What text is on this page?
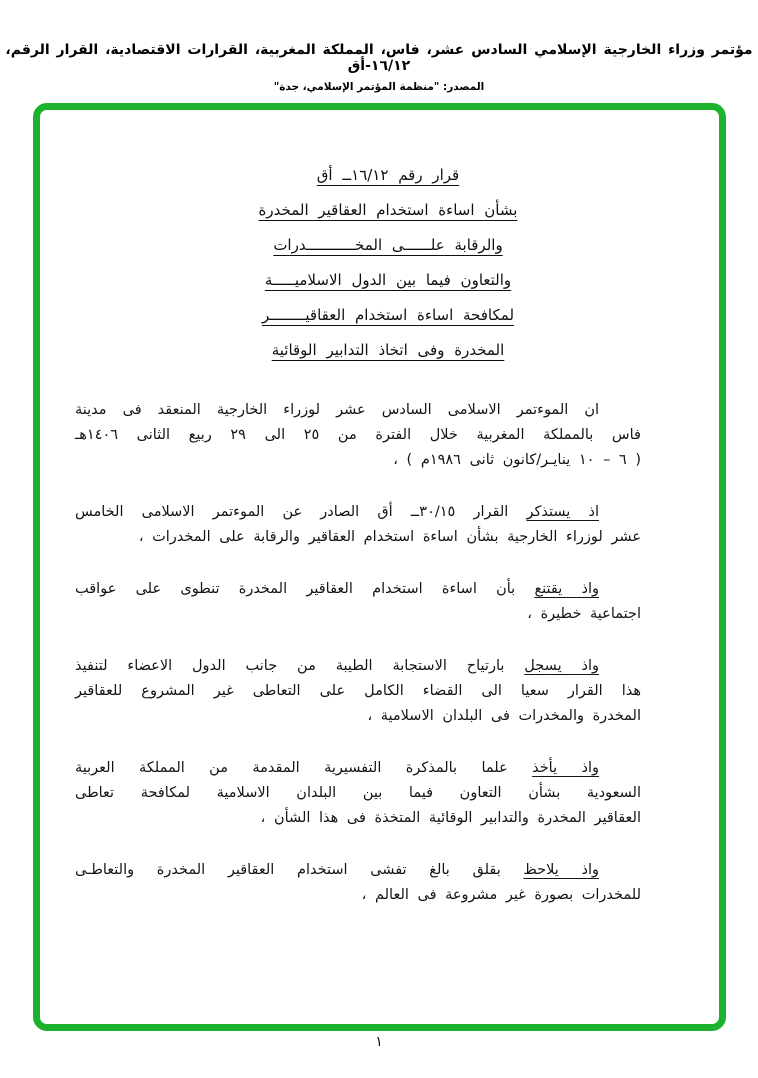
مؤتمر وزراء الخارجية الإسلامي السادس عشر، فاس، المملكة المغربية، القرارات الاقتصادية، القرار الرقم، ١٦/١٢-أق
المصدر: "منظمة المؤتمر الإسلامي، جدة"
قرار رقم ١٦/١٢ــ أق
بشأن اساءة استخدام العقاقير المخدرة
والرقابة علــــــى المخـــــــــــدرات
والتعاون فيما بين الدول الاسلاميـــــة
لمكافحة اساءة استخدام العقاقيــــــــر
المخدرة وفى اتخاذ التدابير الوقائية
ان الموءتمر الاسلامى السادس عشر لوزراء الخارجية المنعقد فى مدينة
فاس بالمملكة المغربية خلال الفترة من ٢٥ الى ٢٩ ربيع الثانى ١٤٠٦هـ
( ٦ ‎–‎ ١٠ ينايـر/كانون ثانى ١٩٨٦م ) ،
اذ يستذكر القرار ٣٠/١٥ــ أق الصادر عن الموءتمر الاسلامى الخامس
عشر لوزراء الخارجية بشأن اساءة استخدام العقاقير والرقابة على المخدرات ،
واذ يقتنع بأن اساءة استخدام العقاقير المخدرة تنطوى على عواقب
اجتماعية خطيرة ،
واذ يسجل بارتياح الاستجابة الطيبة من جانب الدول الاعضاء لتنفيذ
هذا القرار سعيا الى القضاء الكامل على التعاطى غير المشروع للعقاقير
المخدرة والمخدرات فى البلدان الاسلامية ،
واذ يأخذ علما بالمذكرة التفسيرية المقدمة من المملكة العربية
السعودية بشأن التعاون فيما بين البلدان الاسلامية لمكافحة تعاطى
العقاقير المخدرة والتدابير الوقائية المتخذة فى هذا الشأن ،
واذ يلاحظ بقلق بالغ تفشى استخدام العقاقير المخدرة والتعاطـى
للمخدرات بصورة غير مشروعة فى العالم ،
١
